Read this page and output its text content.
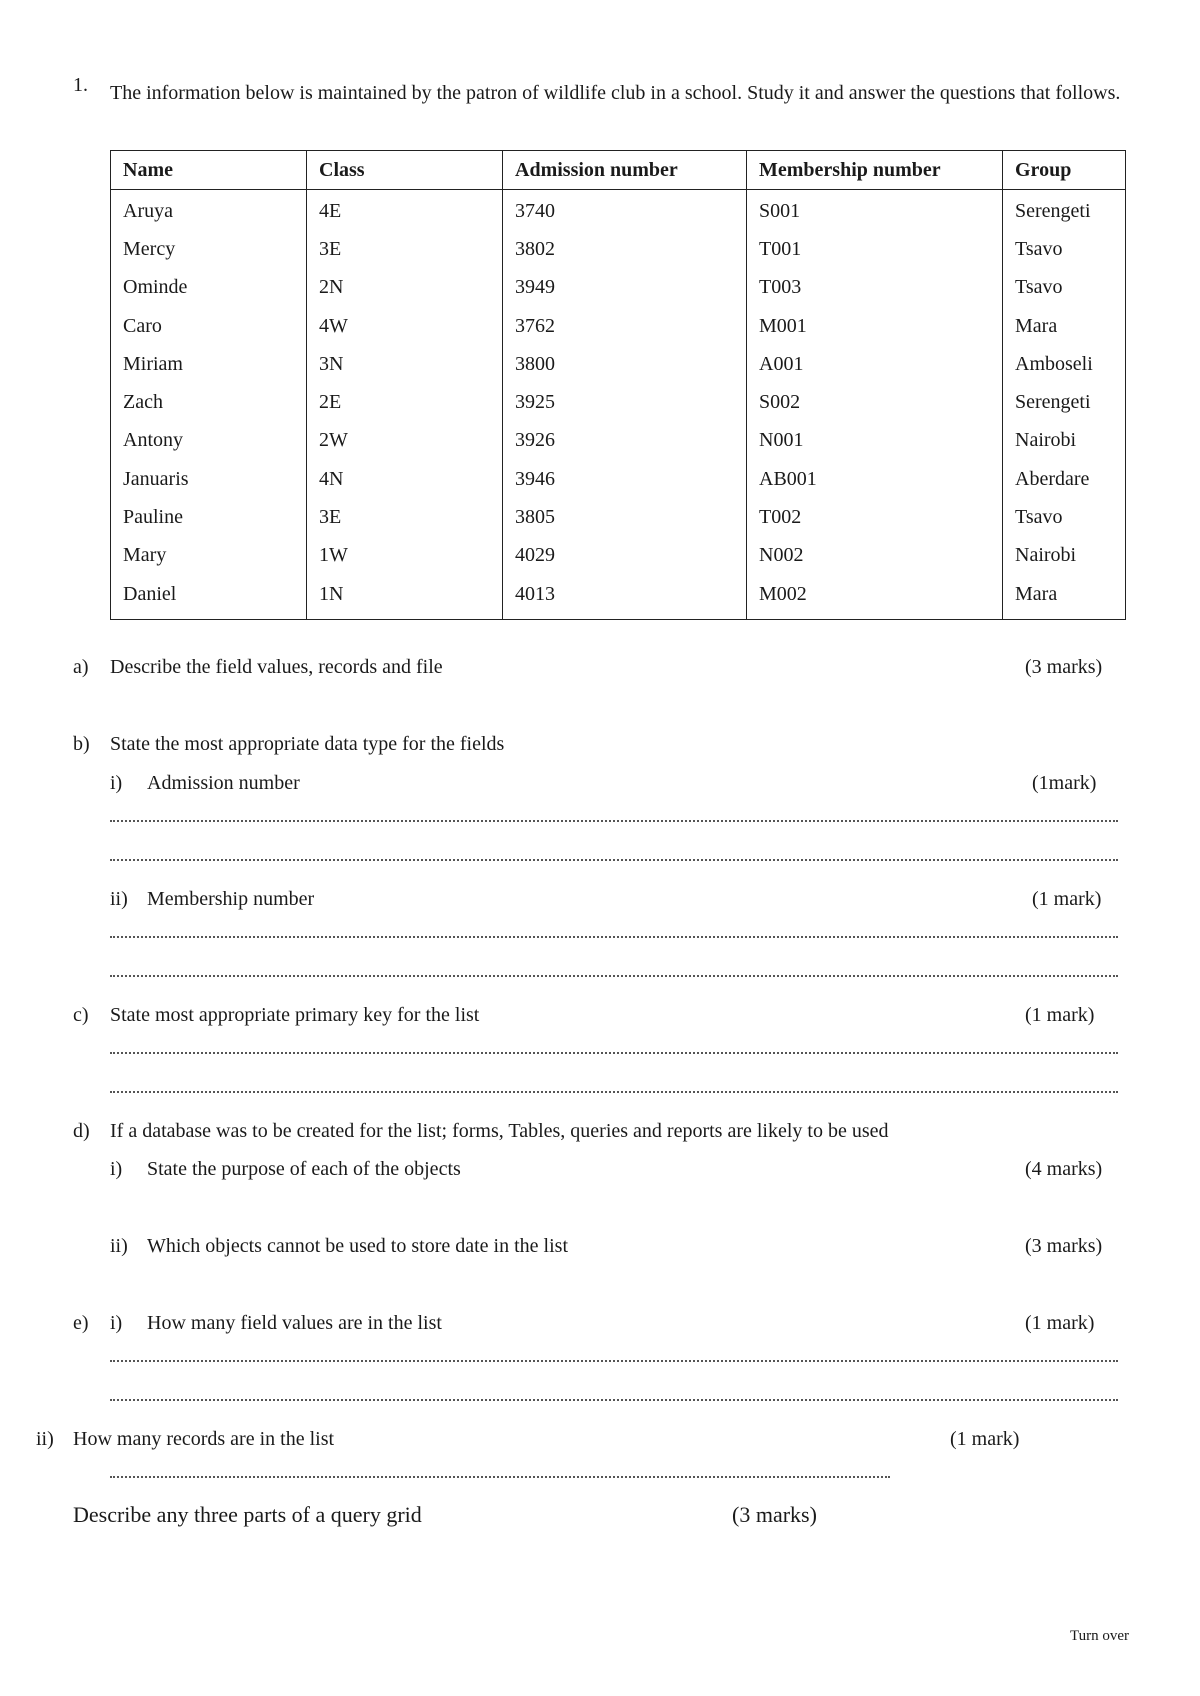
1. The information below is maintained by the patron of wildlife club in a school. Study it and answer the questions that follows.
Name	Class	Admission number	Membership number	Group
Aruya	4E	3740	S001	Serengeti
Mercy	3E	3802	T001	Tsavo
Ominde	2N	3949	T003	Tsavo
Caro	4W	3762	M001	Mara
Miriam	3N	3800	A001	Amboseli
Zach	2E	3925	S002	Serengeti
Antony	2W	3926	N001	Nairobi
Januaris	4N	3946	AB001	Aberdare
Pauline	3E	3805	T002	Tsavo
Mary	1W	4029	N002	Nairobi
Daniel	1N	4013	M002	Mara
a) Describe the field values, records and file	(3 marks)
b) State the most appropriate data type for the fields
i) Admission number	(1mark)
ii) Membership number	(1 mark)
c) State most appropriate primary key for the list	(1 mark)
d) If a database was to be created for the list; forms, Tables, queries and reports are likely to be used
i) State the purpose of each of the objects	(4 marks)
ii) Which objects cannot be used to store date in the list	(3 marks)
e) i) How many field values are in the list	(1 mark)
ii) How many records are in the list	(1 mark)
Describe any three parts of a query grid	(3 marks)
Turn over
